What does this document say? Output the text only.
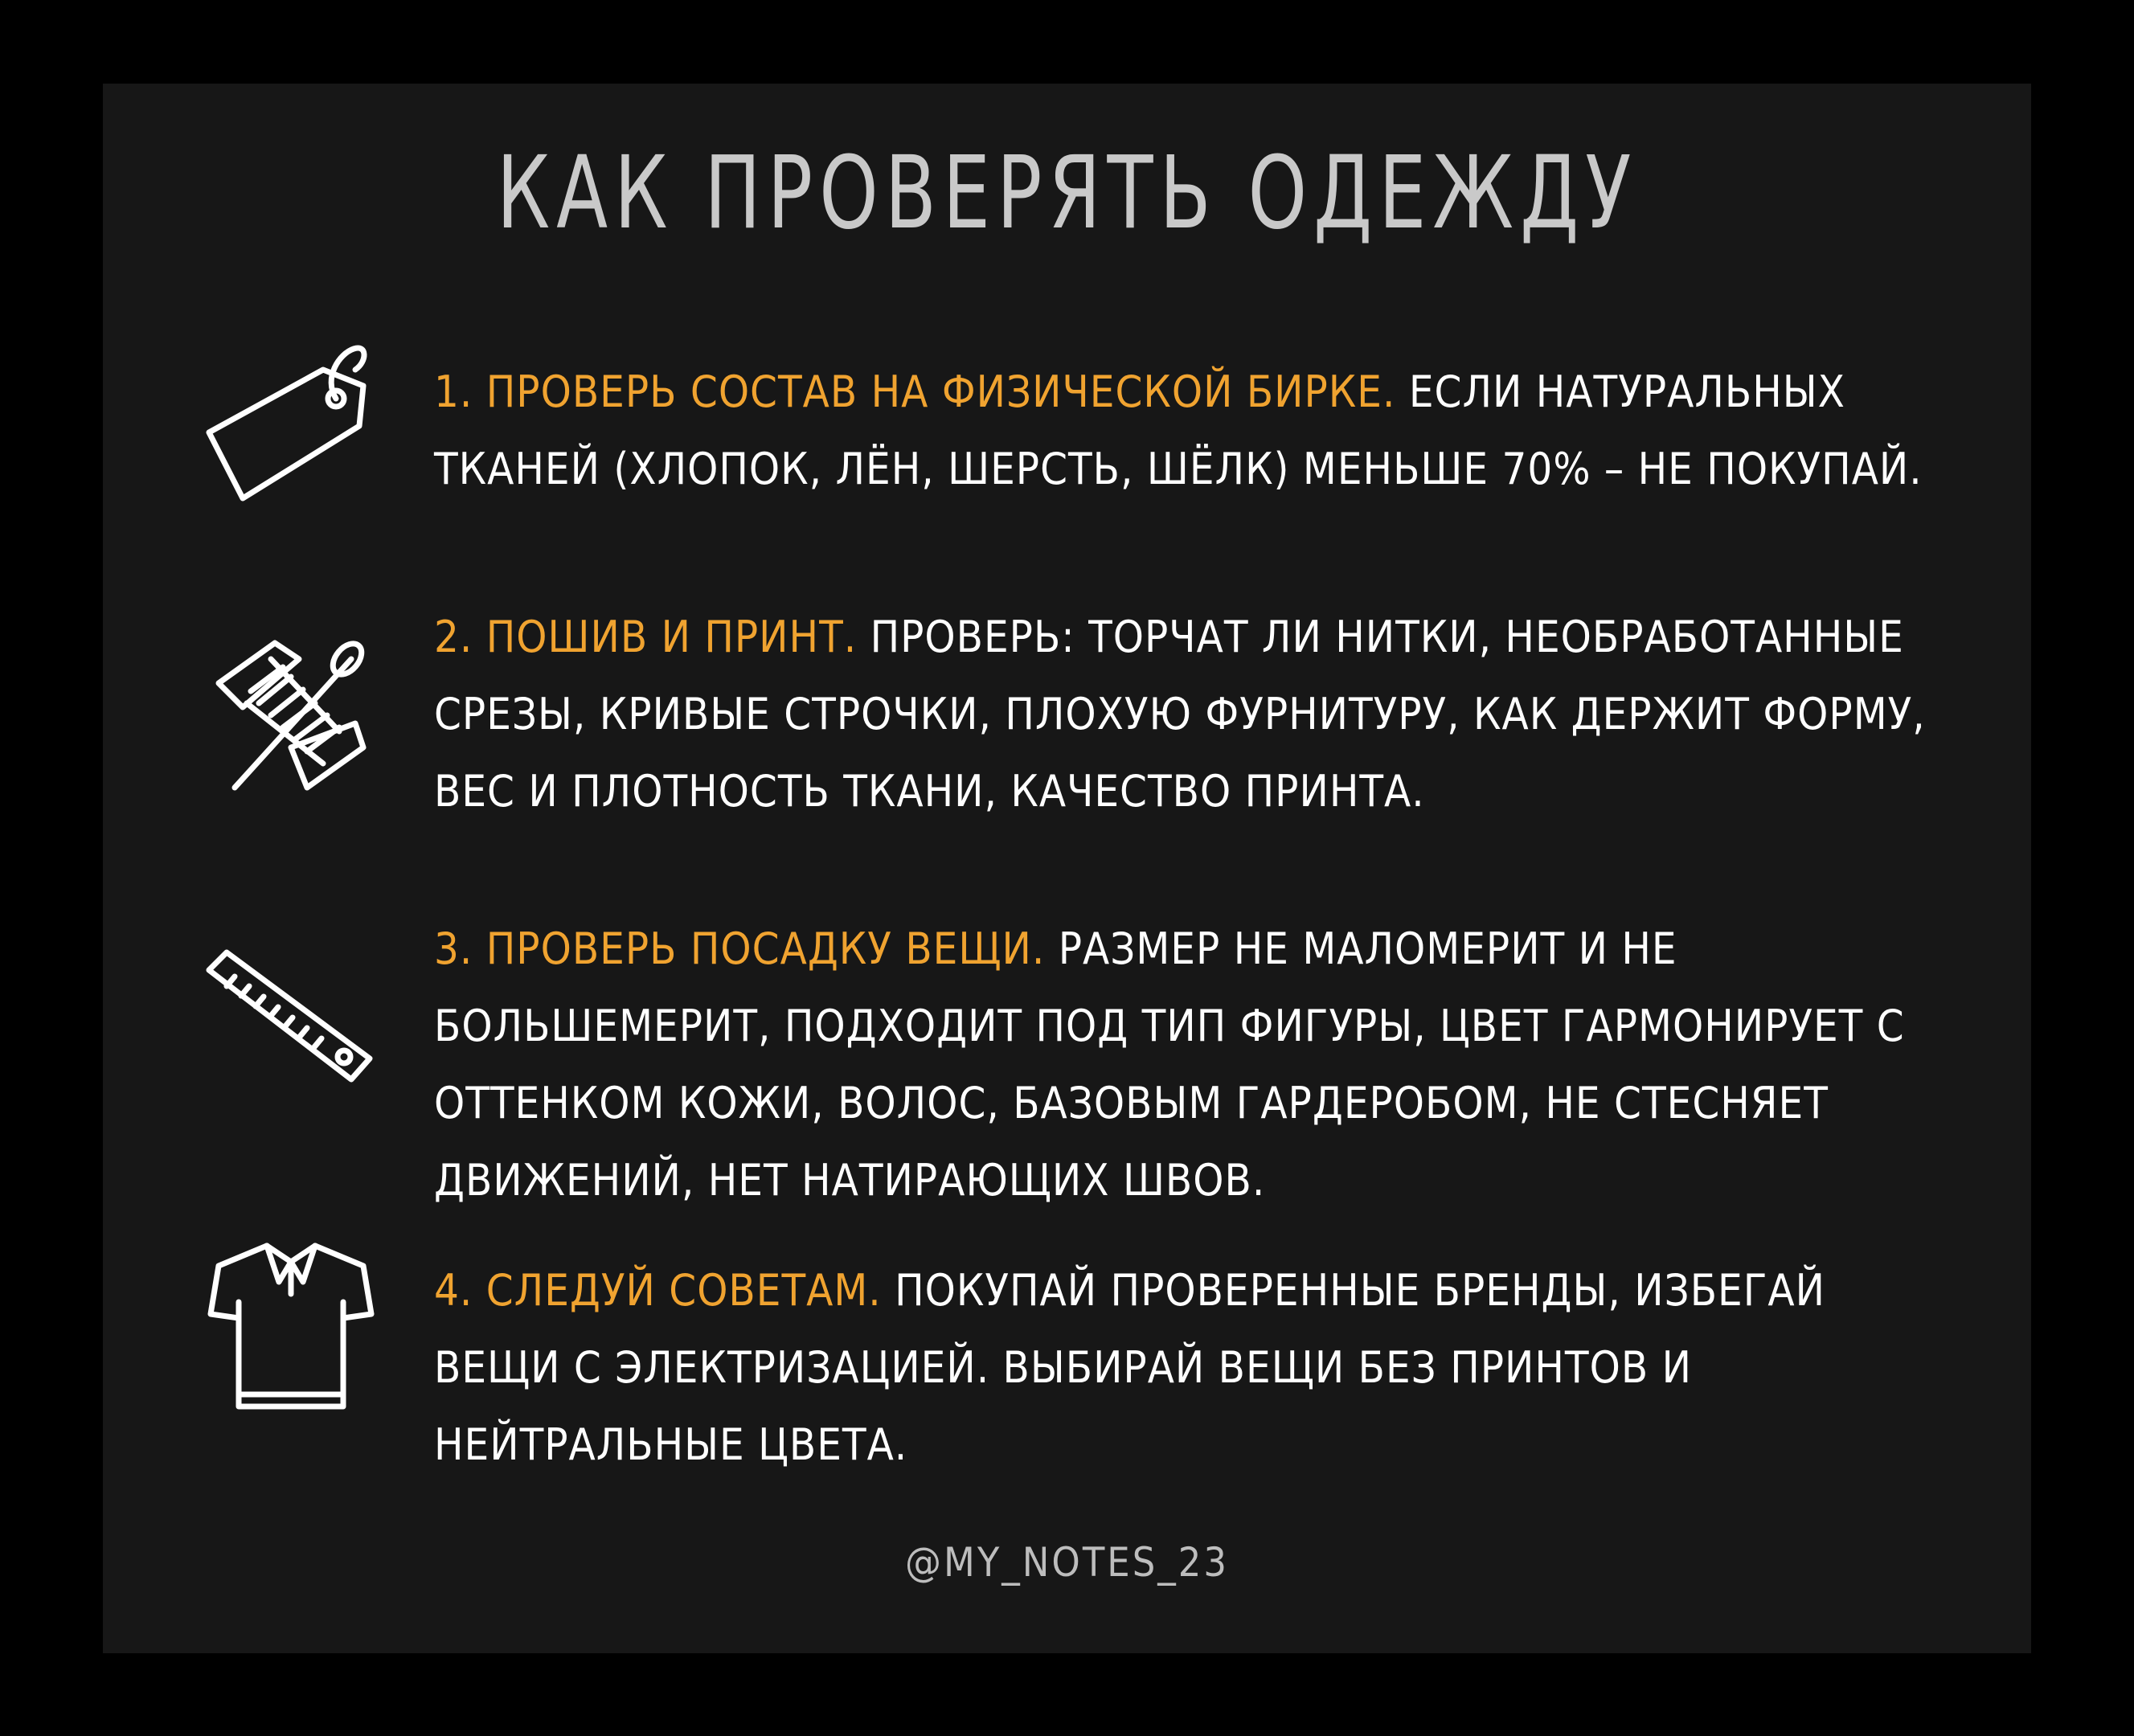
КАК ПРОВЕРЯТЬ ОДЕЖДУ
1. ПРОВЕРЬ СОСТАВ НА ФИЗИЧЕСКОЙ БИРКЕ. ЕСЛИ НАТУРАЛЬНЫХ ТКАНЕЙ (ХЛОПОК, ЛЁН, ШЕРСТЬ, ШЁЛК) МЕНЬШЕ 70% – НЕ ПОКУПАЙ.
2. ПОШИВ И ПРИНТ. ПРОВЕРЬ: ТОРЧАТ ЛИ НИТКИ, НЕОБРАБОТАННЫЕ СРЕЗЫ, КРИВЫЕ СТРОЧКИ, ПЛОХУЮ ФУРНИТУРУ, КАК ДЕРЖИТ ФОРМУ, ВЕС И ПЛОТНОСТЬ ТКАНИ, КАЧЕСТВО ПРИНТА.
3. ПРОВЕРЬ ПОСАДКУ ВЕЩИ. РАЗМЕР НЕ МАЛОМЕРИТ И НЕ БОЛЬШЕМЕРИТ, ПОДХОДИТ ПОД ТИП ФИГУРЫ, ЦВЕТ ГАРМОНИРУЕТ С ОТТЕНКОМ КОЖИ, ВОЛОС, БАЗОВЫМ ГАРДЕРОБОМ, НЕ СТЕСНЯЕТ ДВИЖЕНИЙ, НЕТ НАТИРАЮЩИХ ШВОВ.
4. СЛЕДУЙ СОВЕТАМ. ПОКУПАЙ ПРОВЕРЕННЫЕ БРЕНДЫ, ИЗБЕГАЙ ВЕЩИ С ЭЛЕКТРИЗАЦИЕЙ. ВЫБИРАЙ ВЕЩИ БЕЗ ПРИНТОВ И НЕЙТРАЛЬНЫЕ ЦВЕТА.
@MY_NOTES_23
